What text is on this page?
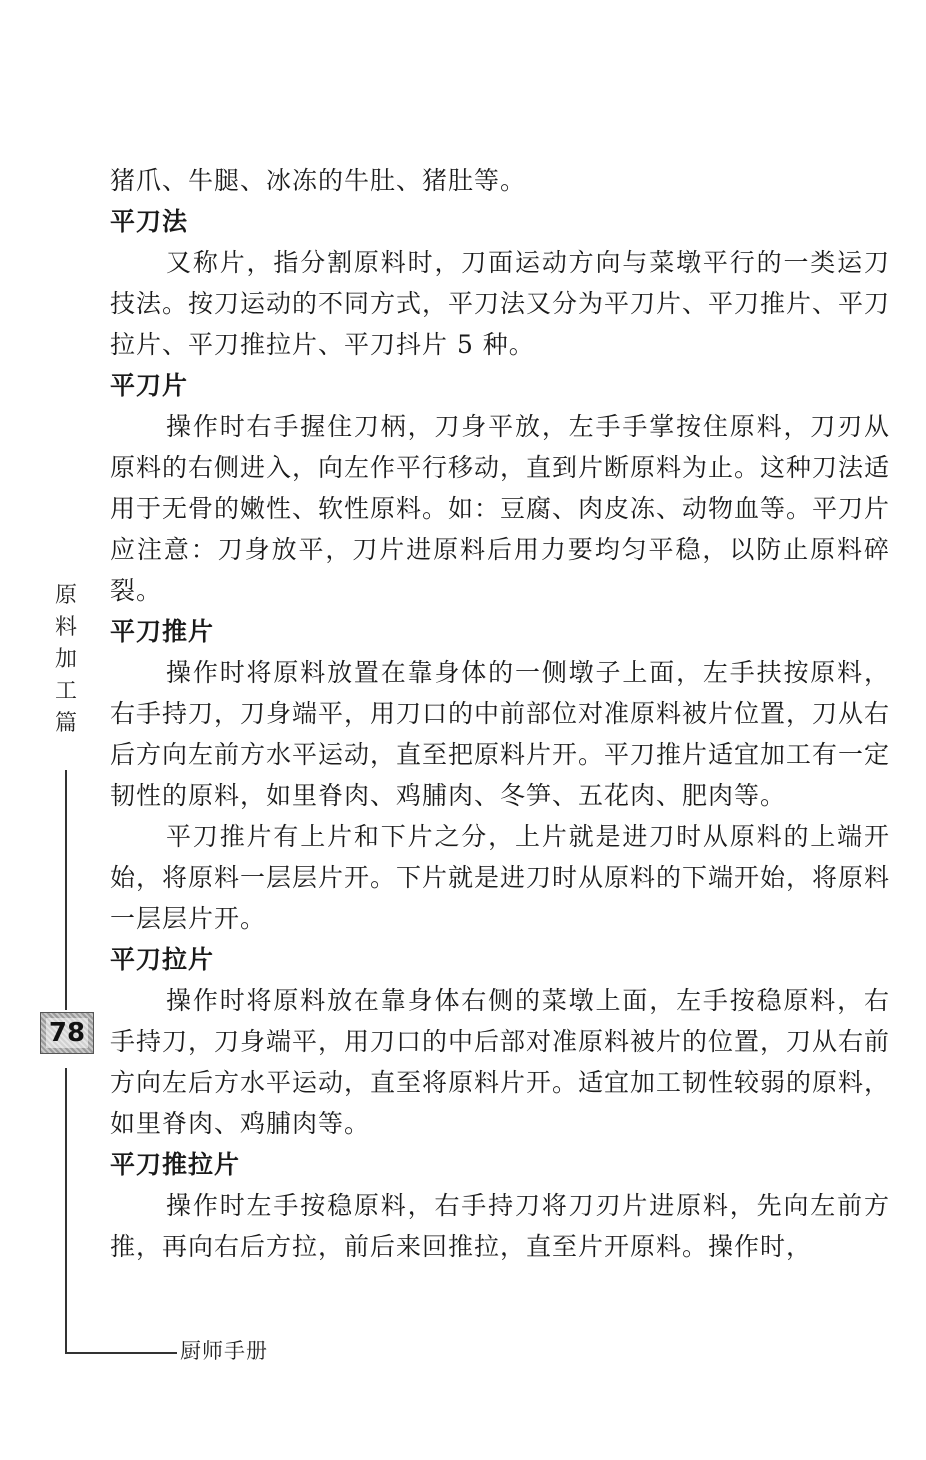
猪爪、牛腿、冰冻的牛肚、猪肚等。

平刀法

又称片，指分割原料时，刀面运动方向与菜墩平行的一类运刀技法。按刀运动的不同方式，平刀法又分为平刀片、平刀推片、平刀拉片、平刀推拉片、平刀抖片 5 种。

平刀片

操作时右手握住刀柄，刀身平放，左手手掌按住原料，刀刃从原料的右侧进入，向左作平行移动，直到片断原料为止。这种刀法适用于无骨的嫩性、软性原料。如：豆腐、肉皮冻、动物血等。平刀片应注意：刀身放平，刀片进原料后用力要均匀平稳，以防止原料碎裂。

平刀推片

操作时将原料放置在靠身体的一侧墩子上面，左手扶按原料，右手持刀，刀身端平，用刀口的中前部位对准原料被片位置，刀从右后方向左前方水平运动，直至把原料片开。平刀推片适宜加工有一定韧性的原料，如里脊肉、鸡脯肉、冬笋、五花肉、肥肉等。

平刀推片有上片和下片之分，上片就是进刀时从原料的上端开始，将原料一层层片开。下片就是进刀时从原料的下端开始，将原料一层层片开。

平刀拉片

操作时将原料放在靠身体右侧的菜墩上面，左手按稳原料，右手持刀，刀身端平，用刀口的中后部对准原料被片的位置，刀从右前方向左后方水平运动，直至将原料片开。适宜加工韧性较弱的原料，如里脊肉、鸡脯肉等。

平刀推拉片

操作时左手按稳原料，右手持刀将刀刃片进原料，先向左前方推，再向右后方拉，前后来回推拉，直至片开原料。操作时，

原
料
加
工
篇
78
厨师手册
